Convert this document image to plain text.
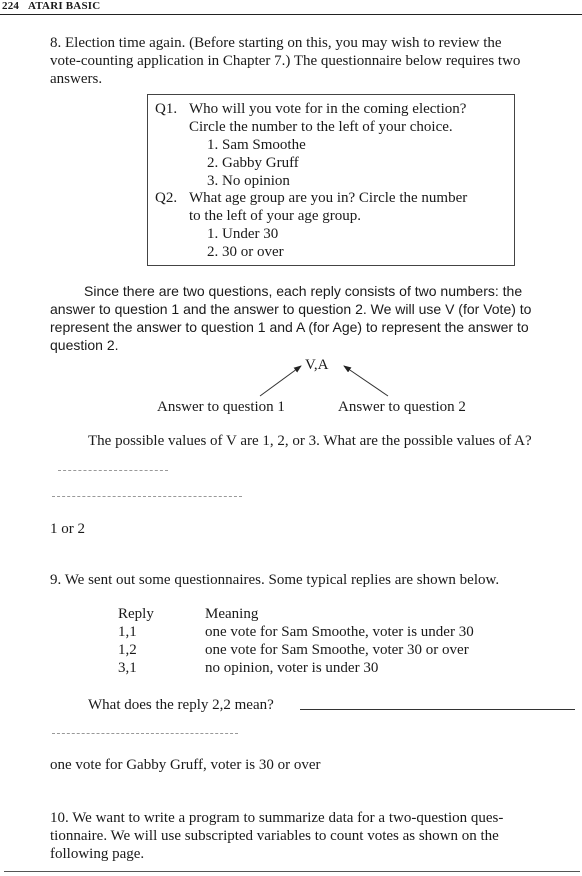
224 ATARI BASIC
8. Election time again. (Before starting on this, you may wish to review the
vote-counting application in Chapter 7.) The questionnaire below requires two
answers.
Q1. Who will you vote for in the coming election?
Circle the number to the left of your choice.
1. Sam Smoothe
2. Gabby Gruff
3. No opinion
Q2. What age group are you in? Circle the number
to the left of your age group.
1. Under 30
2. 30 or over
Since there are two questions, each reply consists of two numbers: the
answer to question 1 and the answer to question 2. We will use V (for Vote) to
represent the answer to question 1 and A (for Age) to represent the answer to
question 2.
V,A
Answer to question 1	Answer to question 2
The possible values of V are 1, 2, or 3. What are the possible values of A?
1 or 2
9. We sent out some questionnaires. Some typical replies are shown below.
Reply	Meaning
1,1	one vote for Sam Smoothe, voter is under 30
1,2	one vote for Sam Smoothe, voter 30 or over
3,1	no opinion, voter is under 30
What does the reply 2,2 mean?
one vote for Gabby Gruff, voter is 30 or over
10. We want to write a program to summarize data for a two-question ques-
tionnaire. We will use subscripted variables to count votes as shown on the
following page.
